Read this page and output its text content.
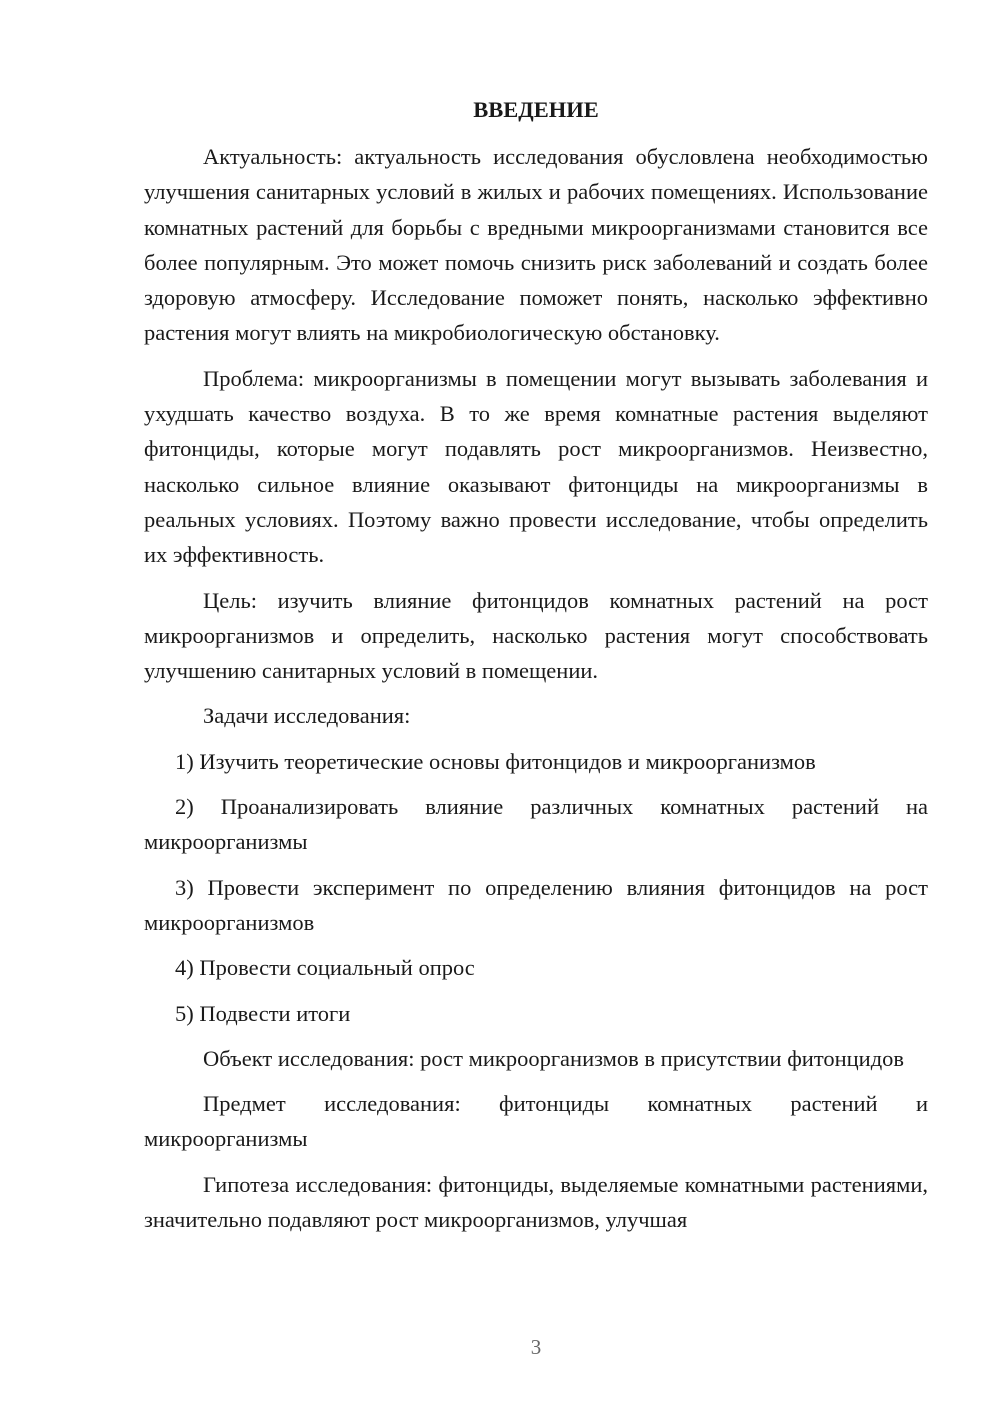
ВВЕДЕНИЕ

Актуальность: актуальность исследования обусловлена необходимостью улучшения санитарных условий в жилых и рабочих помещениях. Использование комнатных растений для борьбы с вредными микроорганизмами становится все более популярным. Это может помочь снизить риск заболеваний и создать более здоровую атмосферу. Исследование поможет понять, насколько эффективно растения могут влиять на микробиологическую обстановку.

Проблема: микроорганизмы в помещении могут вызывать заболевания и ухудшать качество воздуха. В то же время комнатные растения выделяют фитонциды, которые могут подавлять рост микроорганизмов. Неизвестно, насколько сильное влияние оказывают фитонциды на микроорганизмы в реальных условиях. Поэтому важно провести исследование, чтобы определить их эффективность.

Цель: изучить влияние фитонцидов комнатных растений на рост микроорганизмов и определить, насколько растения могут способствовать улучшению санитарных условий в помещении.

Задачи исследования:

1) Изучить теоретические основы фитонцидов и микроорганизмов

2) Проанализировать влияние различных комнатных растений на микроорганизмы

3) Провести эксперимент по определению влияния фитонцидов на рост микроорганизмов

4) Провести социальный опрос

5) Подвести итоги

Объект исследования: рост микроорганизмов в присутствии фитонцидов

Предмет исследования: фитонциды комнатных растений и микроорганизмы

Гипотеза исследования: фитонциды, выделяемые комнатными растениями, значительно подавляют рост микроорганизмов, улучшая

3
